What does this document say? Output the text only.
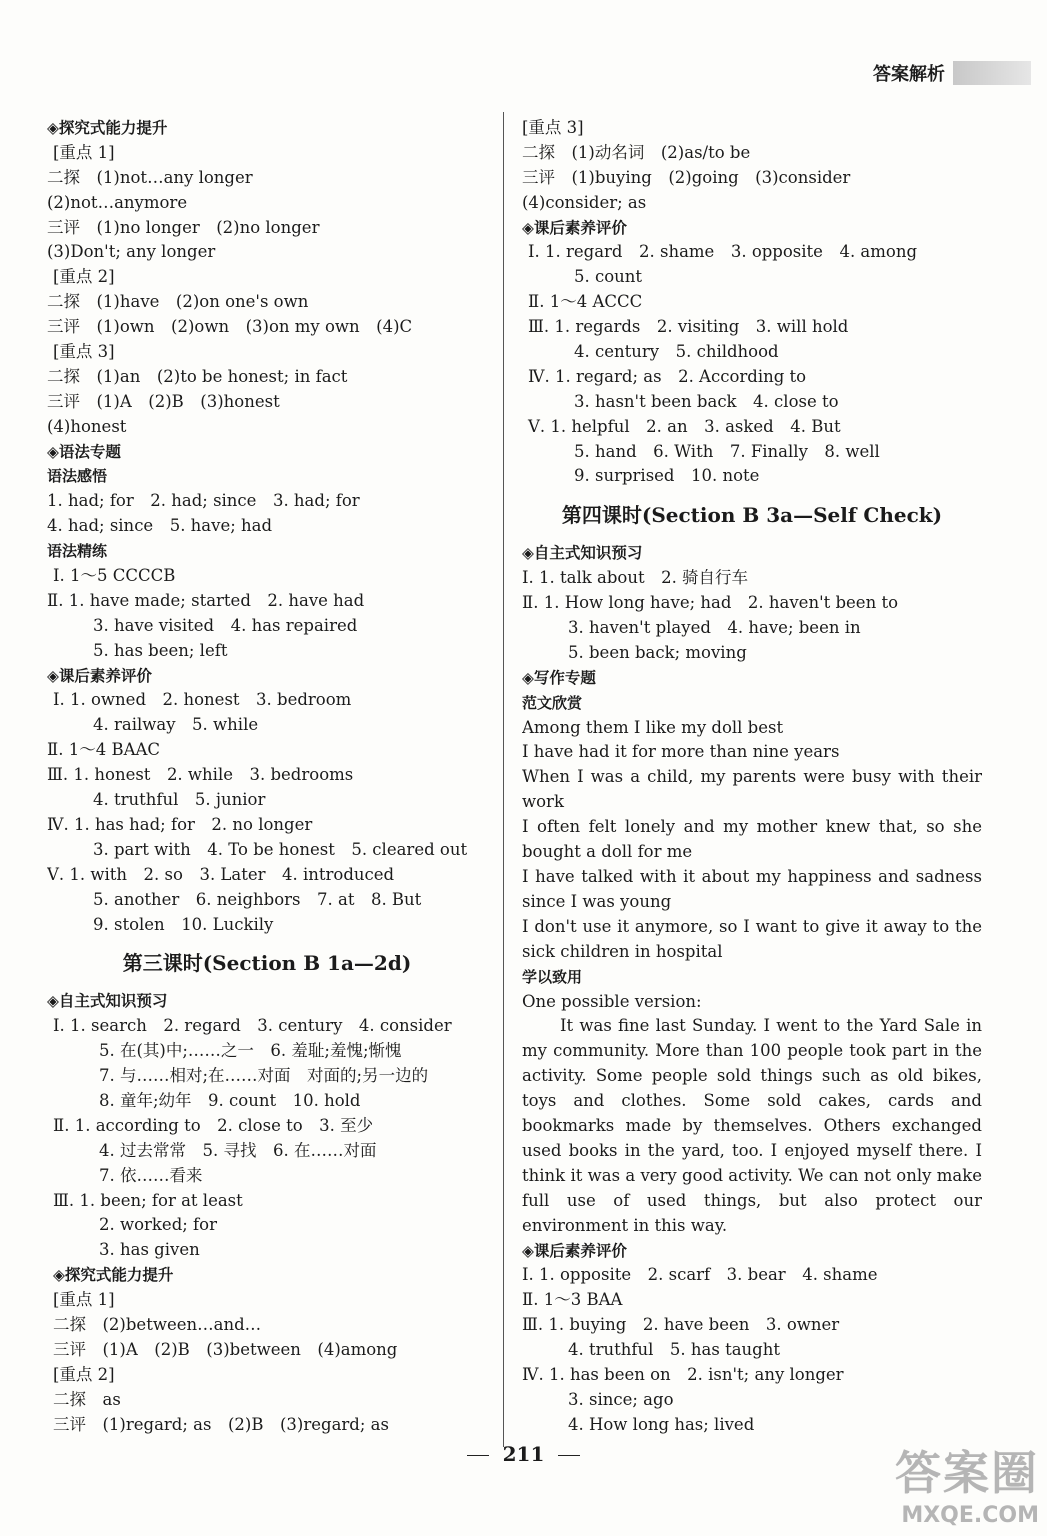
答案解析
◈探究式能力提升
[重点 1]
二探　(1)not…any longer
(2)not…anymore
三评　(1)no longer　(2)no longer
(3)Don't; any longer
[重点 2]
二探　(1)have　(2)on one's own
三评　(1)own　(2)own　(3)on my own　(4)C
[重点 3]
二探　(1)an　(2)to be honest; in fact
三评　(1)A　(2)B　(3)honest
(4)honest
◈语法专题
语法感悟
1. had; for　2. had; since　3. had; for
4. had; since　5. have; had
语法精练
Ⅰ. 1～5 CCCCB
Ⅱ. 1. have made; started　2. have had
3. have visited　4. has repaired
5. has been; left
◈课后素养评价
Ⅰ. 1. owned　2. honest　3. bedroom
4. railway　5. while
Ⅱ. 1～4 BAAC
Ⅲ. 1. honest　2. while　3. bedrooms
4. truthful　5. junior
Ⅳ. 1. has had; for　2. no longer
3. part with　4. To be honest　5. cleared out
Ⅴ. 1. with　2. so　3. Later　4. introduced
5. another　6. neighbors　7. at　8. But
9. stolen　10. Luckily
第三课时(Section B 1a—2d)
◈自主式知识预习
Ⅰ. 1. search　2. regard　3. century　4. consider
5. 在(其)中;……之一　6. 羞耻;羞愧;惭愧
7. 与……相对;在……对面　对面的;另一边的
8. 童年;幼年　9. count　10. hold
Ⅱ. 1. according to　2. close to　3. 至少
4. 过去常常　5. 寻找　6. 在……对面
7. 依……看来
Ⅲ. 1. been; for at least
2. worked; for
3. has given
◈探究式能力提升
[重点 1]
二探　(2)between…and…
三评　(1)A　(2)B　(3)between　(4)among
[重点 2]
二探　as
三评　(1)regard; as　(2)B　(3)regard; as
[重点 3]
二探　(1)动名词　(2)as/to be
三评　(1)buying　(2)going　(3)consider
(4)consider; as
◈课后素养评价
Ⅰ. 1. regard　2. shame　3. opposite　4. among
5. count
Ⅱ. 1～4 ACCC
Ⅲ. 1. regards　2. visiting　3. will hold
4. century　5. childhood
Ⅳ. 1. regard; as　2. According to
3. hasn't been back　4. close to
Ⅴ. 1. helpful　2. an　3. asked　4. But
5. hand　6. With　7. Finally　8. well
9. surprised　10. note
第四课时(Section B 3a—Self Check)
◈自主式知识预习
Ⅰ. 1. talk about　2. 骑自行车
Ⅱ. 1. How long have; had　2. haven't been to
3. haven't played　4. have; been in
5. been back; moving
◈写作专题
范文欣赏
Among them I like my doll best
I have had it for more than nine years
When I was a child, my parents were busy with their work
I often felt lonely and my mother knew that, so she bought a doll for me
I have talked with it about my happiness and sadness since I was young
I don't use it anymore, so I want to give it away to the sick children in hospital
学以致用
One possible version:
It was fine last Sunday. I went to the Yard Sale in my community. More than 100 people took part in the activity. Some people sold things such as old bikes, toys and clothes. Some sold cakes, cards and bookmarks made by themselves. Others exchanged used books in the yard, too. I enjoyed myself there. I think it was a very good activity. We can not only make full use of used things, but also protect our environment in this way.
◈课后素养评价
Ⅰ. 1. opposite　2. scarf　3. bear　4. shame
Ⅱ. 1～3 BAA
Ⅲ. 1. buying　2. have been　3. owner
4. truthful　5. has taught
Ⅳ. 1. has been on　2. isn't; any longer
3. since; ago
4. How long has; lived
211	答案圈
MXQE.COM
